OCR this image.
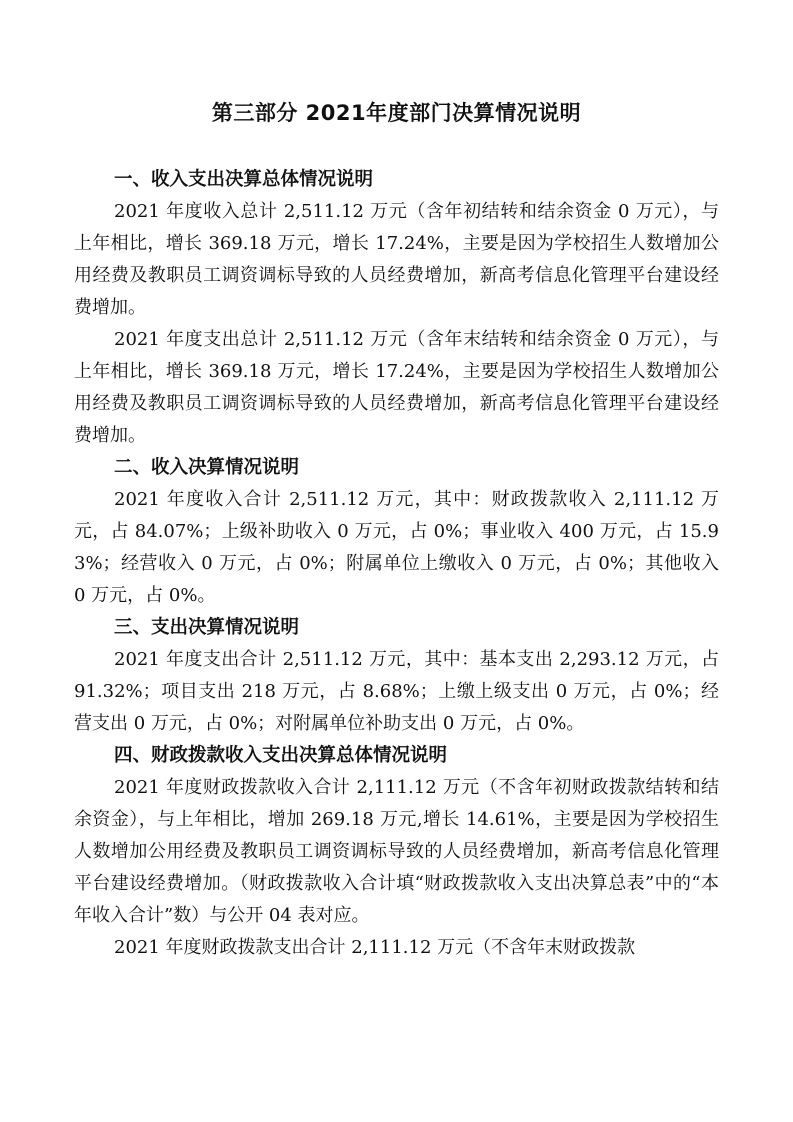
第三部分 2021年度部门决算情况说明
一、收入支出决算总体情况说明

2021 年度收入总计 2,511.12 万元（含年初结转和结余资金 0 万元），与上年相比，增长 369.18 万元，增长 17.24%，主要是因为学校招生人数增加公用经费及教职员工调资调标导致的人员经费增加，新高考信息化管理平台建设经费增加。

2021 年度支出总计 2,511.12 万元（含年末结转和结余资金 0 万元），与上年相比，增长 369.18 万元，增长 17.24%，主要是因为学校招生人数增加公用经费及教职员工调资调标导致的人员经费增加，新高考信息化管理平台建设经费增加。

二、收入决算情况说明

2021 年度收入合计 2,511.12 万元，其中：财政拨款收入 2,111.12 万元，占 84.07%；上级补助收入 0 万元，占 0%；事业收入 400 万元，占 15.93%；经营收入 0 万元，占 0%；附属单位上缴收入 0 万元，占 0%；其他收入 0 万元，占 0%。

三、支出决算情况说明

2021 年度支出合计 2,511.12 万元，其中：基本支出 2,293.12 万元，占 91.32%；项目支出 218 万元，占 8.68%；上缴上级支出 0 万元，占 0%；经营支出 0 万元，占 0%；对附属单位补助支出 0 万元，占 0%。

四、财政拨款收入支出决算总体情况说明

2021 年度财政拨款收入合计 2,111.12 万元（不含年初财政拨款结转和结余资金），与上年相比，增加 269.18 万元,增长 14.61%，主要是因为学校招生人数增加公用经费及教职员工调资调标导致的人员经费增加，新高考信息化管理平台建设经费增加。（财政拨款收入合计填“财政拨款收入支出决算总表”中的“本年收入合计”数）与公开 04 表对应。

2021 年度财政拨款支出合计 2,111.12 万元（不含年末财政拨款
